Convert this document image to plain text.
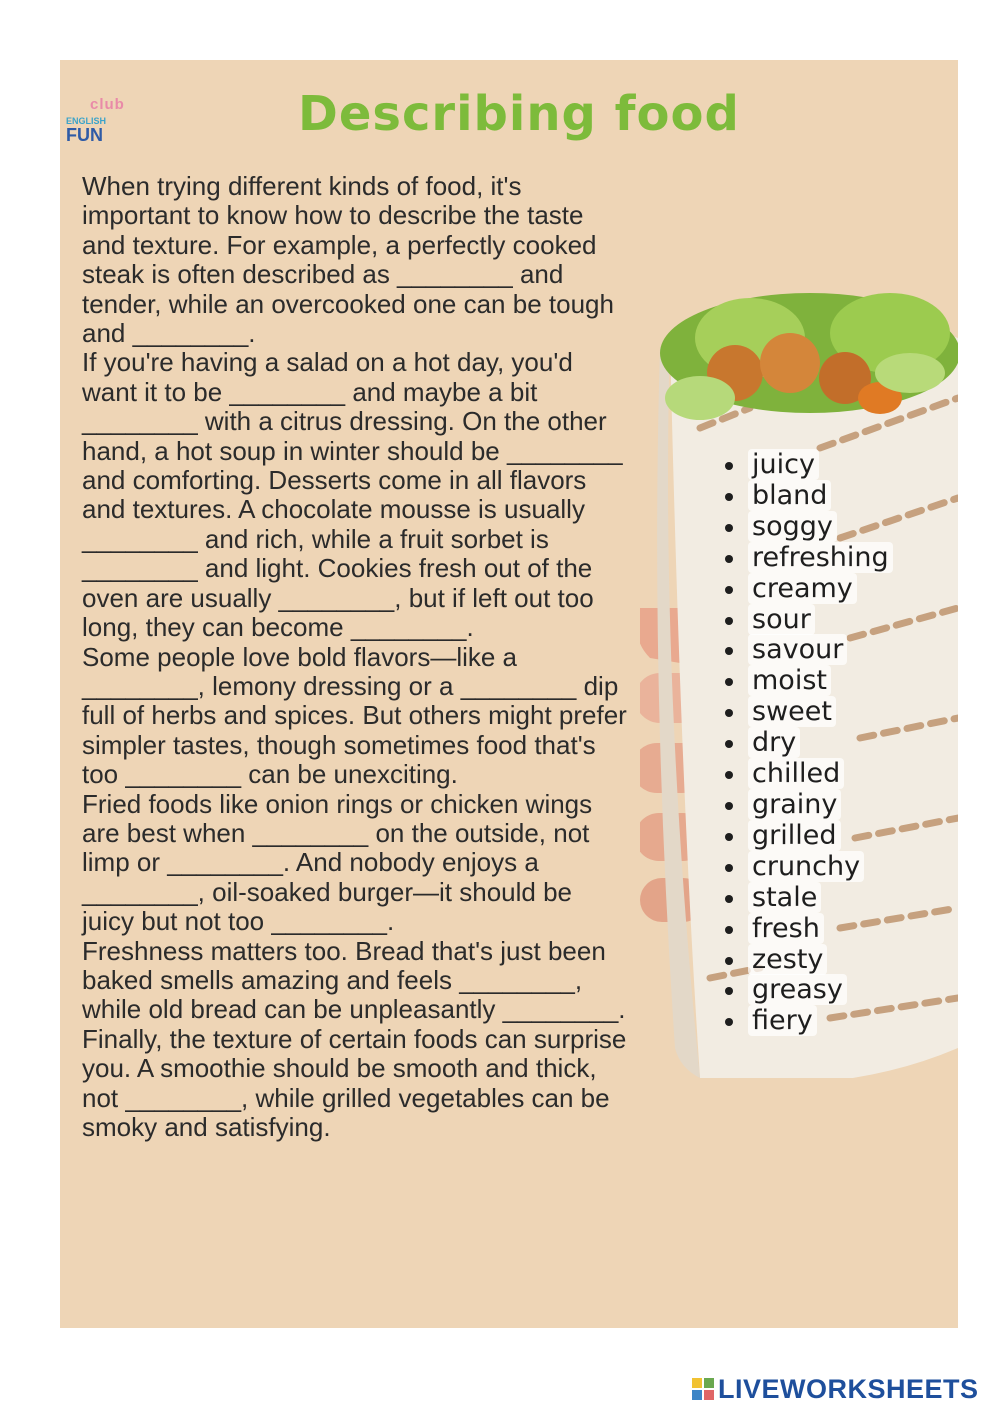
club
ENGLISH
FUN	Describing food

When trying different kinds of food, it's important to know how to describe the taste and texture. For example, a perfectly cooked steak is often described as ________ and tender, while an overcooked one can be tough and ________.

If you're having a salad on a hot day, you'd want it to be ________ and maybe a bit ________ with a citrus dressing. On the other hand, a hot soup in winter should be ________ and comforting. Desserts come in all flavors and textures. A chocolate mousse is usually ________ and rich, while a fruit sorbet is ________ and light. Cookies fresh out of the oven are usually ________, but if left out too long, they can become ________.

Some people love bold flavors—like a ________, lemony dressing or a ________ dip full of herbs and spices. But others might prefer simpler tastes, though sometimes food that's too ________ can be unexciting.

Fried foods like onion rings or chicken wings are best when ________ on the outside, not limp or ________. And nobody enjoys a ________, oil-soaked burger—it should be juicy but not too ________.

Freshness matters too. Bread that's just been baked smells amazing and feels ________, while old bread can be unpleasantly ________.

Finally, the texture of certain foods can surprise you. A smoothie should be smooth and thick, not ________, while grilled vegetables can be smoky and satisfying.

juicy
bland
soggy
refreshing
creamy
sour
savour
moist
sweet
dry
chilled
grainy
grilled
crunchy
stale
fresh
zesty
greasy
fiery
LIVEWORKSHEETS
